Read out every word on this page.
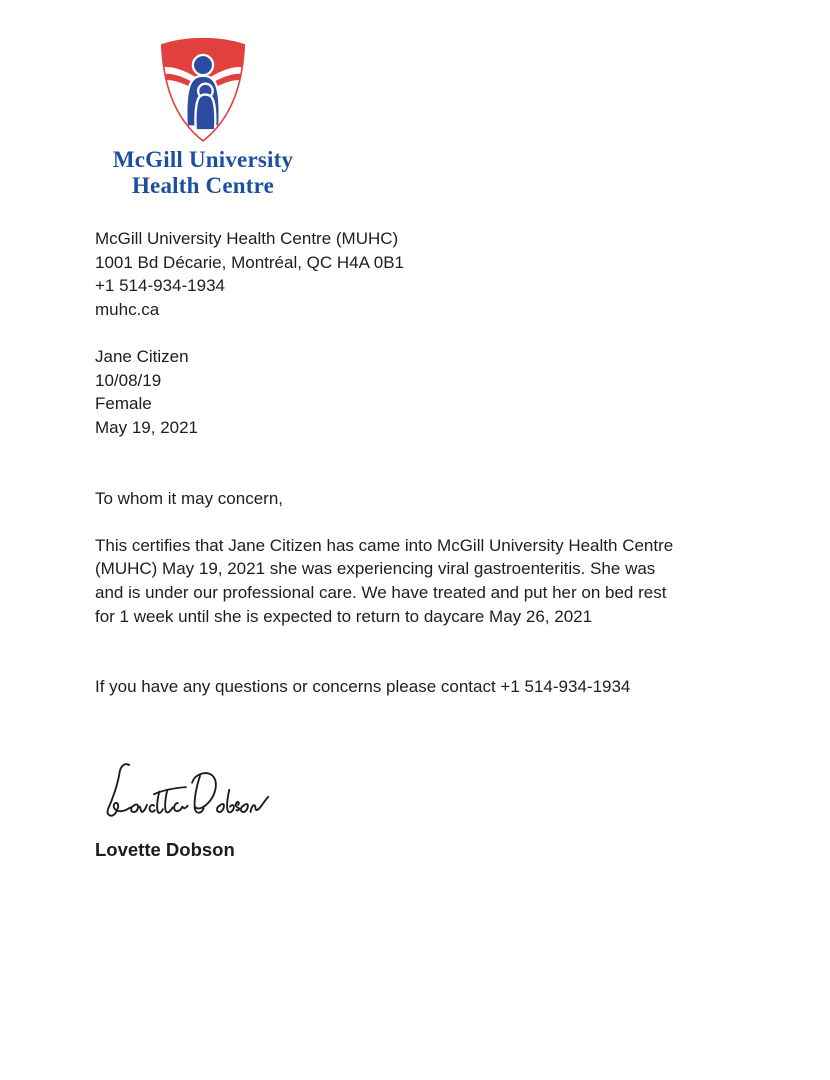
McGill University
Health Centre
McGill University Health Centre (MUHC)
1001 Bd Décarie, Montréal, QC H4A 0B1
+1 514-934-1934
muhc.ca
Jane Citizen
10/08/19
Female
May 19, 2021

To whom it may concern,

This certifies that Jane Citizen has came into McGill University Health Centre (MUHC) May 19, 2021 she was experiencing viral gastroenteritis. She was and is under our professional care. We have treated and put her on bed rest for 1 week until she is expected to return to daycare May 26, 2021

If you have any questions or concerns please contact +1 514-934-1934

Lovette Dobson
